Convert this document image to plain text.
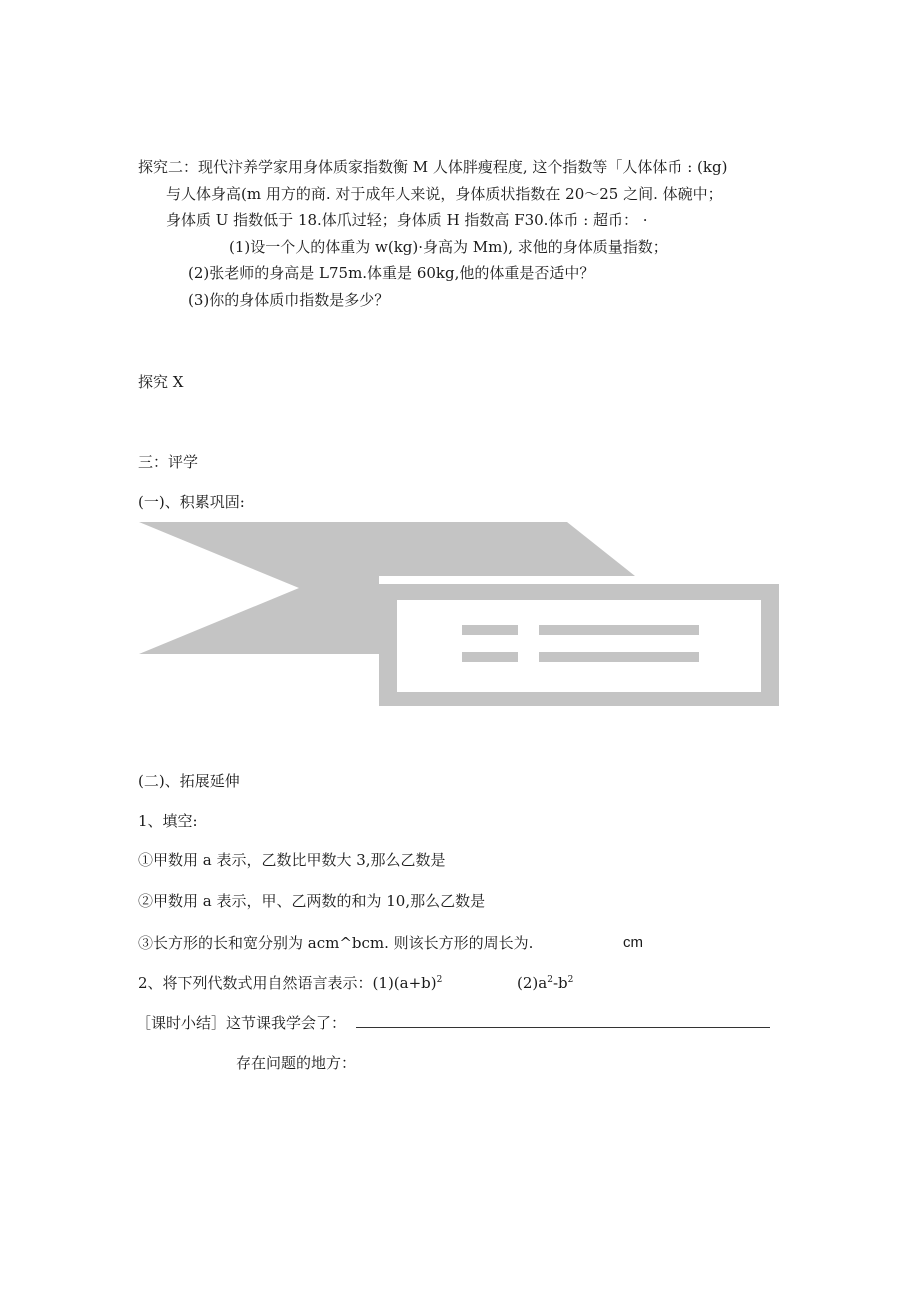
探究二：现代汴养学家用身体质家指数衡 M 人体胖瘦程度, 这个指数等「人体体币 : (kg)
与人体身高(m 用方的商. 对于成年人来说，身体质状指数在 20〜25 之间. 体碗中；
身体质 U 指数低于 18.体爪过轻；身体质 H 指数高 F30.体币 : 超币： ·
(1)设一个人的体重为 w(kg)·身高为 Mm), 求他的身体质量指数；
(2)张老师的身高是 L75m.体重是 60kg,他的体重是否适中？
(3)你的身体质巾指数是多少？
探究 X
三：评学
(一)、积累巩固:
(二)、拓展延伸
1、填空:
①甲数用 a 表示，乙数比甲数大 3,那么乙数是
②甲数用 a 表示，甲、乙两数的和为 10,那么乙数是
③长方形的长和宽分别为 acm^bcm. 则该长方形的周长为.	cm
2、将下列代数式用自然语言表示：$(1)(a+b)^2$	$(2)a^2-b^2$
［课时小结］这节课我学会了：
存在问题的地方：
